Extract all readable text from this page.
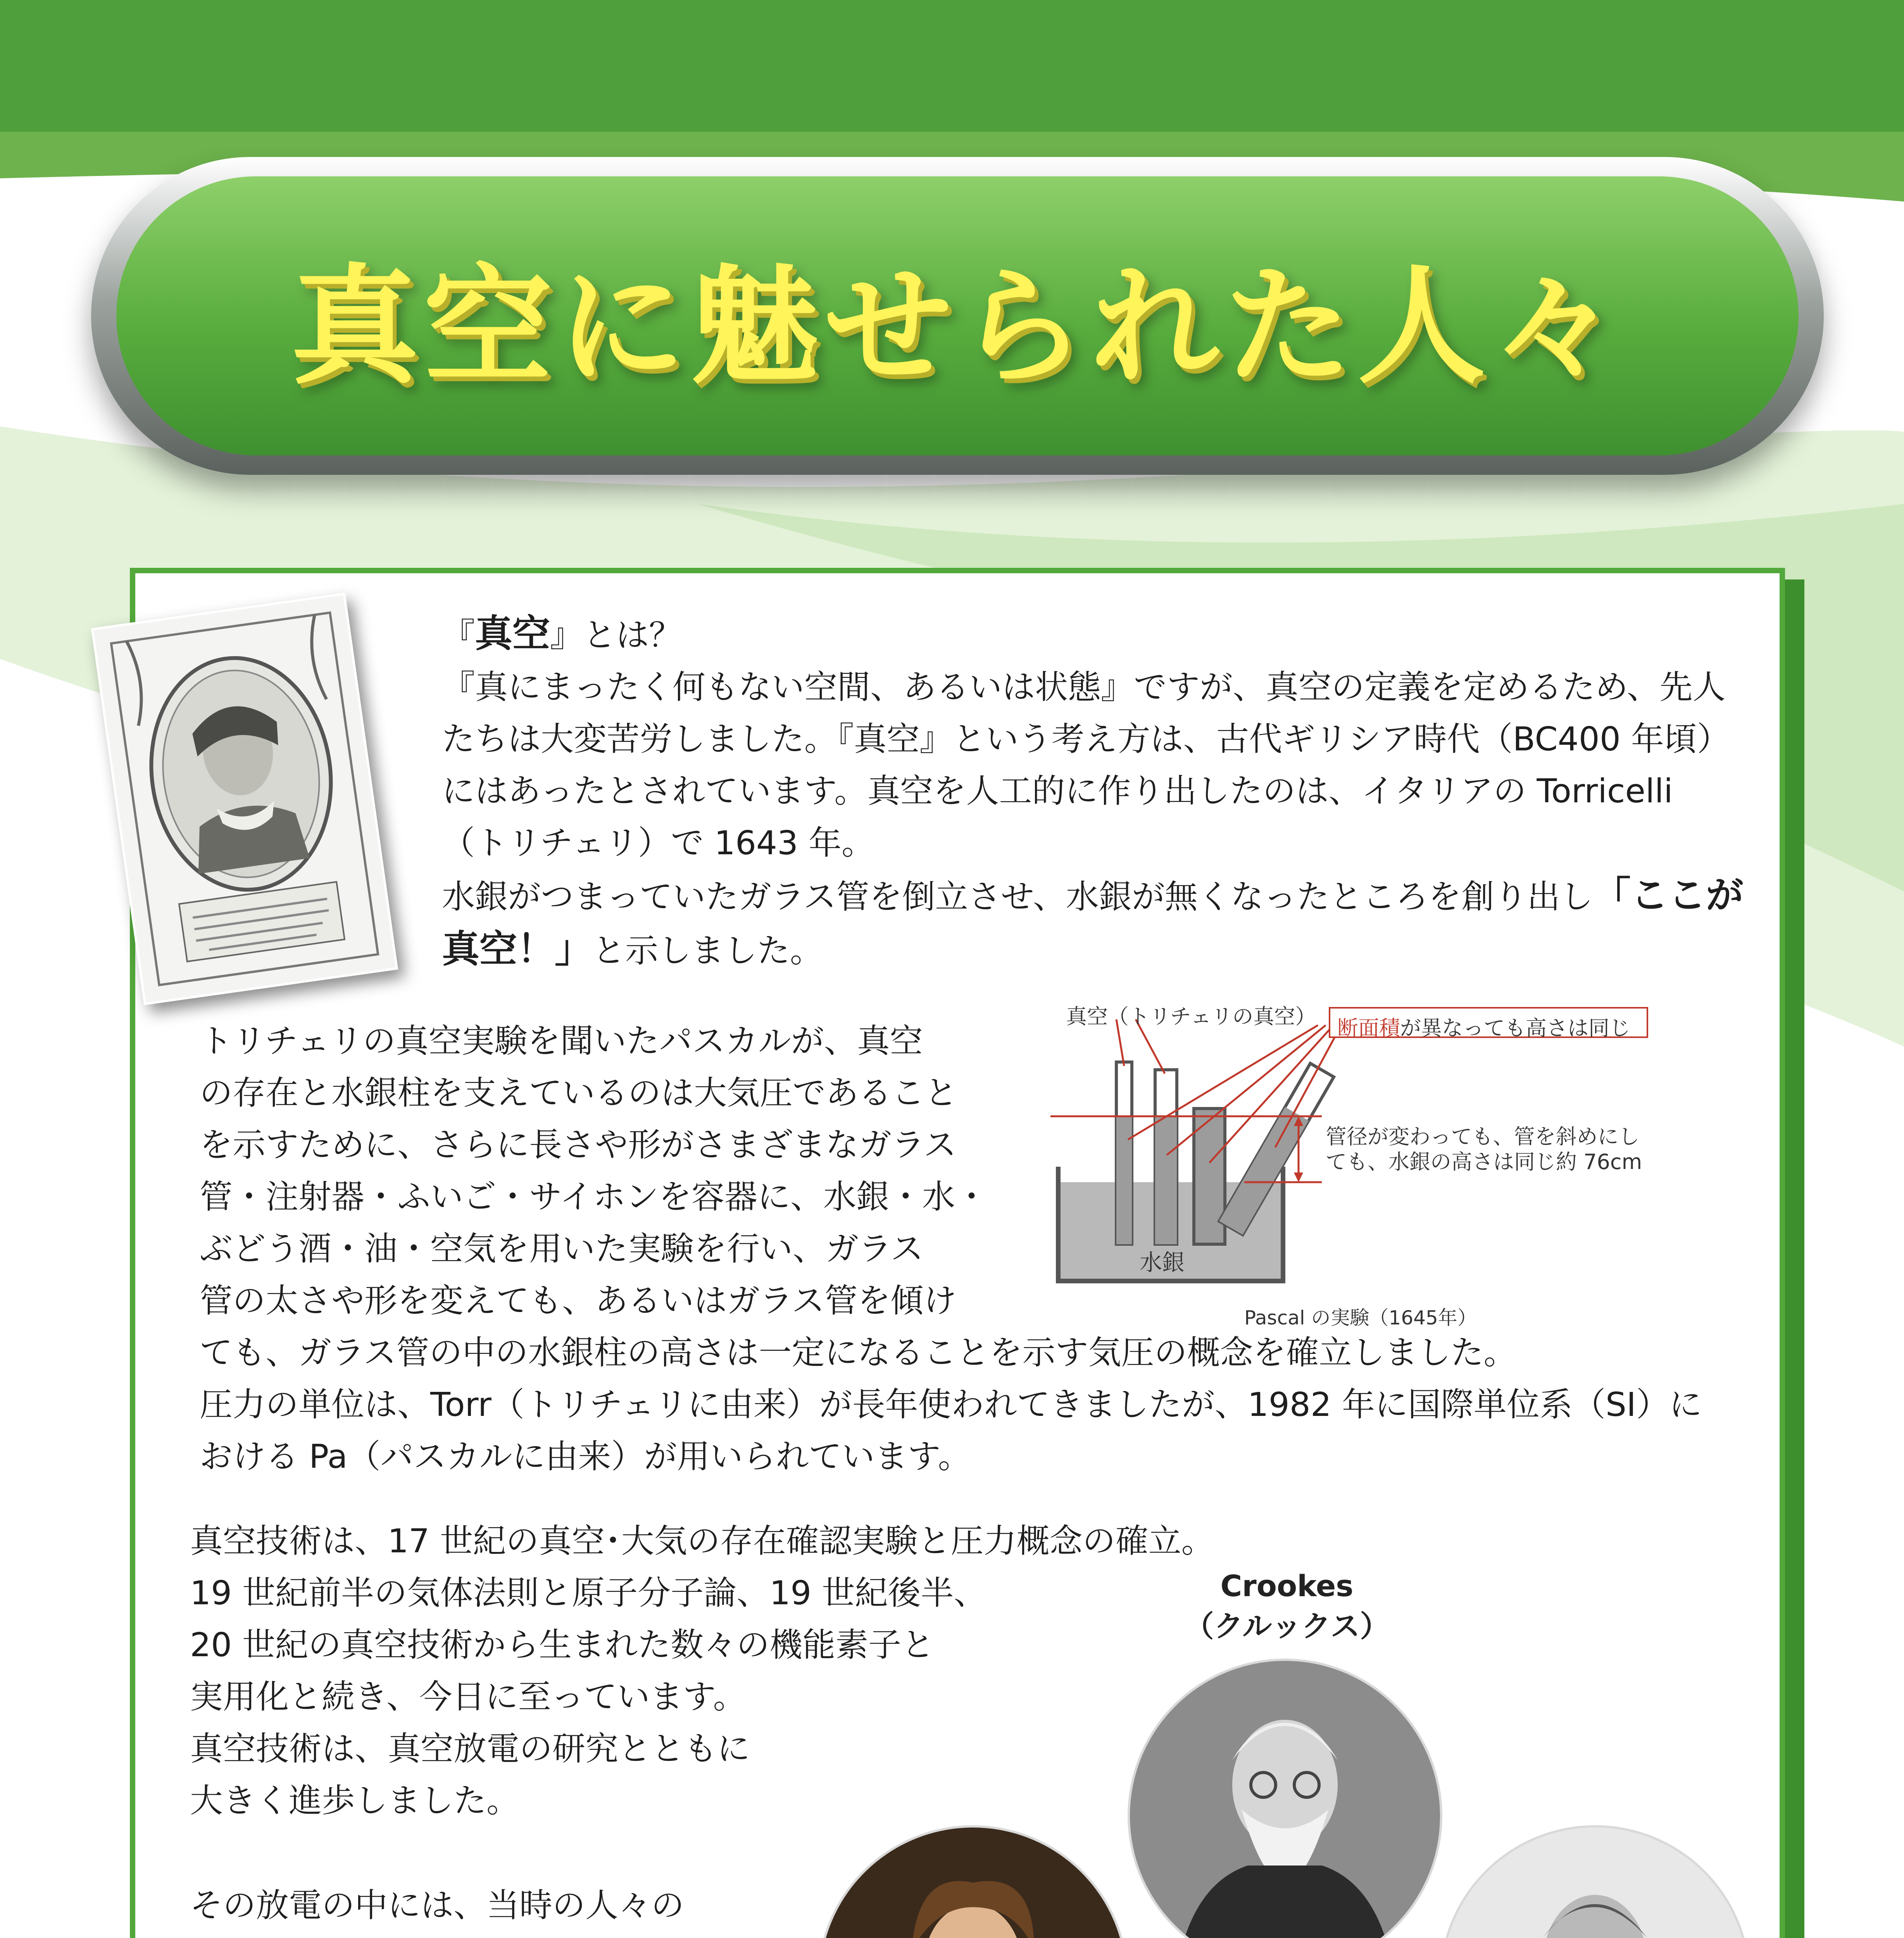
真空に魅せられた人々
『真空』とは？
『真にまったく何もない空間、あるいは状態』ですが、真空の定義を定めるため、先人
たちは大変苦労しました。『真空』という考え方は、古代ギリシア時代（BC400 年頃）
にはあったとされています。真空を人工的に作り出したのは、イタリアの Torricelli
（トリチェリ）で 1643 年。
水銀がつまっていたガラス管を倒立させ、水銀が無くなったところを創り出し「ここが
真空！」と示しました。
トリチェリの真空実験を聞いたパスカルが、真空
の存在と水銀柱を支えているのは大気圧であること
を示すために、さらに長さや形がさまざまなガラス
管・注射器・ふいご・サイホンを容器に、水銀・水・
ぶどう酒・油・空気を用いた実験を行い、ガラス
管の太さや形を変えても、あるいはガラス管を傾け
ても、ガラス管の中の水銀柱の高さは一定になることを示す気圧の概念を確立しました。
圧力の単位は、Torr（トリチェリに由来）が長年使われてきましたが、1982 年に国際単位系（SI）に
おける Pa（パスカルに由来）が用いられています。
真空（トリチェリの真空） 断面積が異なっても高さは同じ
管径が変わっても、管を斜めにし
ても、水銀の高さは同じ約 76cm
水銀
Pascal の実験（1645年）
真空技術は、17 世紀の真空･大気の存在確認実験と圧力概念の確立。
19 世紀前半の気体法則と原子分子論、19 世紀後半、
20 世紀の真空技術から生まれた数々の機能素子と
実用化と続き、今日に至っています。
真空技術は、真空放電の研究とともに
大きく進歩しました。
その放電の中には、当時の人々の
Crookes
（クルックス）
